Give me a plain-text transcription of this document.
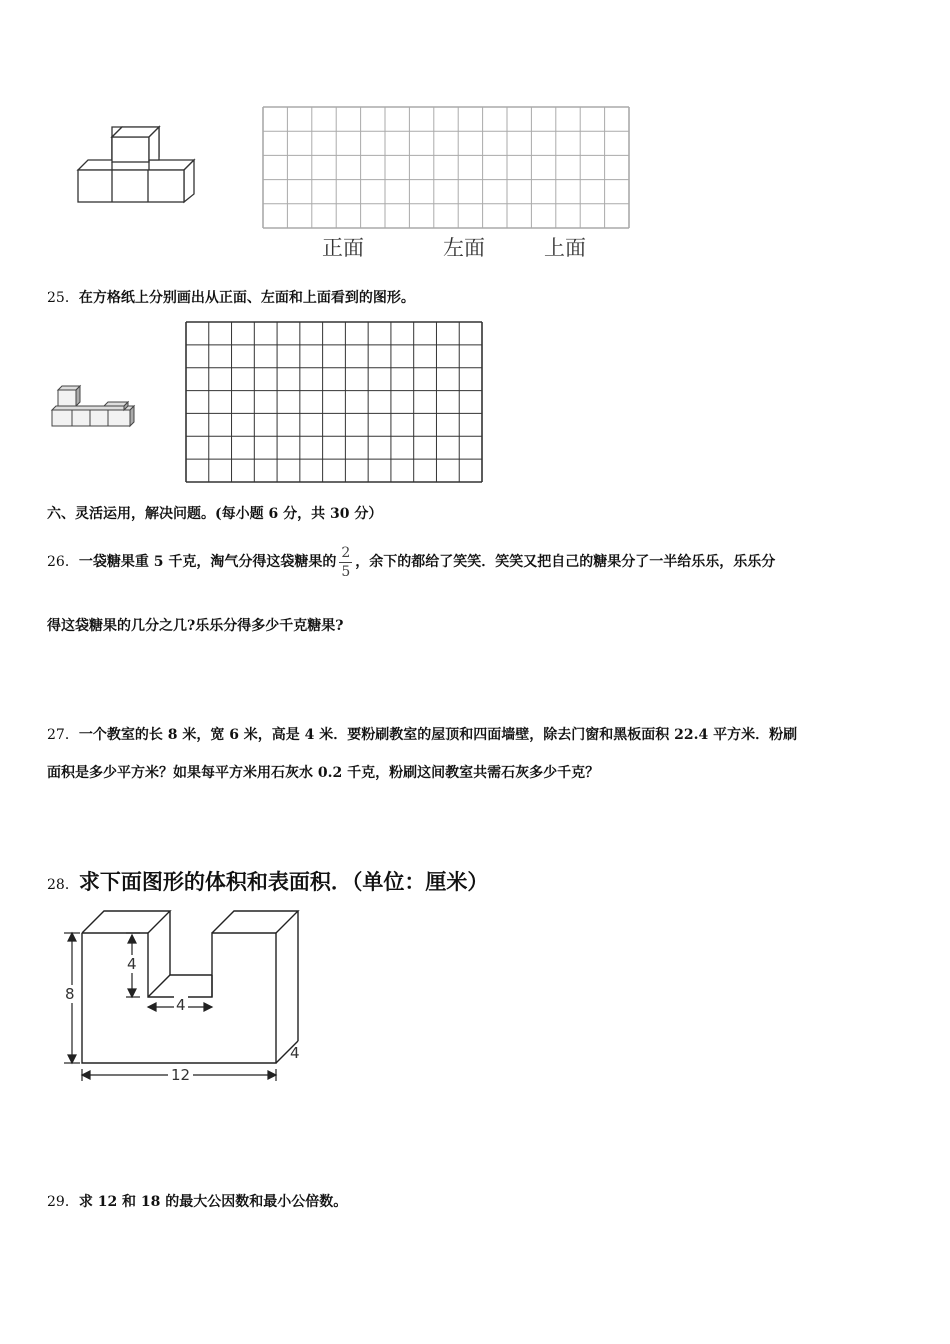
正面	左面	上面
25．在方格纸上分别画出从正面、左面和上面看到的图形。
六、灵活运用，解决问题。(每小题 6 分，共 30 分）
26．一袋糖果重 5 千克，淘气分得这袋糖果的 $\frac{2}{5}$ ，余下的都给了笑笑．笑笑又把自己的糖果分了一半给乐乐，乐乐分
得这袋糖果的几分之几?乐乐分得多少千克糖果?
27．一个教室的长 8 米，宽 6 米，高是 4 米．要粉刷教室的屋顶和四面墙壁，除去门窗和黑板面积 22.4 平方米．粉刷
面积是多少平方米？如果每平方米用石灰水 0.2 千克，粉刷这间教室共需石灰多少千克？
28．求下面图形的体积和表面积．（单位：厘米）
4
4
8
12
4
29．求 12 和 18 的最大公因数和最小公倍数。
